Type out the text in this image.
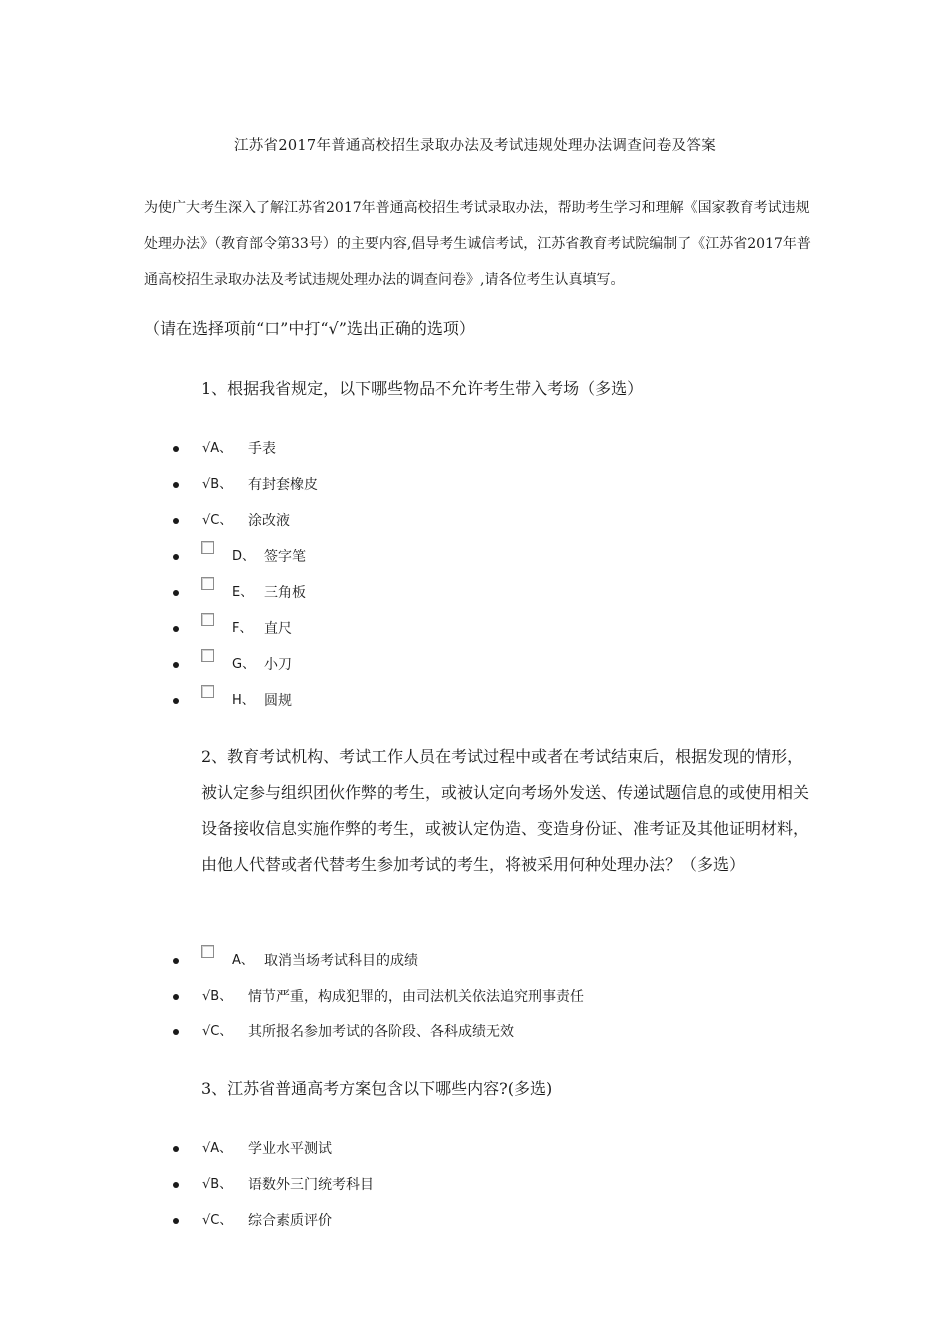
江苏省2017年普通高校招生录取办法及考试违规处理办法调查问卷及答案
为使广大考生深入了解江苏省2017年普通高校招生考试录取办法，帮助考生学习和理解《国家教育考试违规处理办法》（教育部令第33号）的主要内容,倡导考生诚信考试，江苏省教育考试院编制了《江苏省2017年普通高校招生录取办法及考试违规处理办法的调查问卷》,请各位考生认真填写。
（请在选择项前“口”中打“√”选出正确的选项）
1、根据我省规定，以下哪些物品不允许考生带入考场（多选）
√A、 手表
√B、 有封套橡皮
√C、 涂改液
D、 签字笔
E、 三角板
F、 直尺
G、 小刀
H、 圆规
2、教育考试机构、考试工作人员在考试过程中或者在考试结束后，根据发现的情形，被认定参与组织团伙作弊的考生，或被认定向考场外发送、传递试题信息的或使用相关设备接收信息实施作弊的考生，或被认定伪造、变造身份证、准考证及其他证明材料，由他人代替或者代替考生参加考试的考生，将被采用何种处理办法？（多选）
A、 取消当场考试科目的成绩
√B、 情节严重，构成犯罪的，由司法机关依法追究刑事责任
√C、 其所报名参加考试的各阶段、各科成绩无效
3、江苏省普通高考方案包含以下哪些内容?(多选)
√A、 学业水平测试
√B、 语数外三门统考科目
√C、 综合素质评价
